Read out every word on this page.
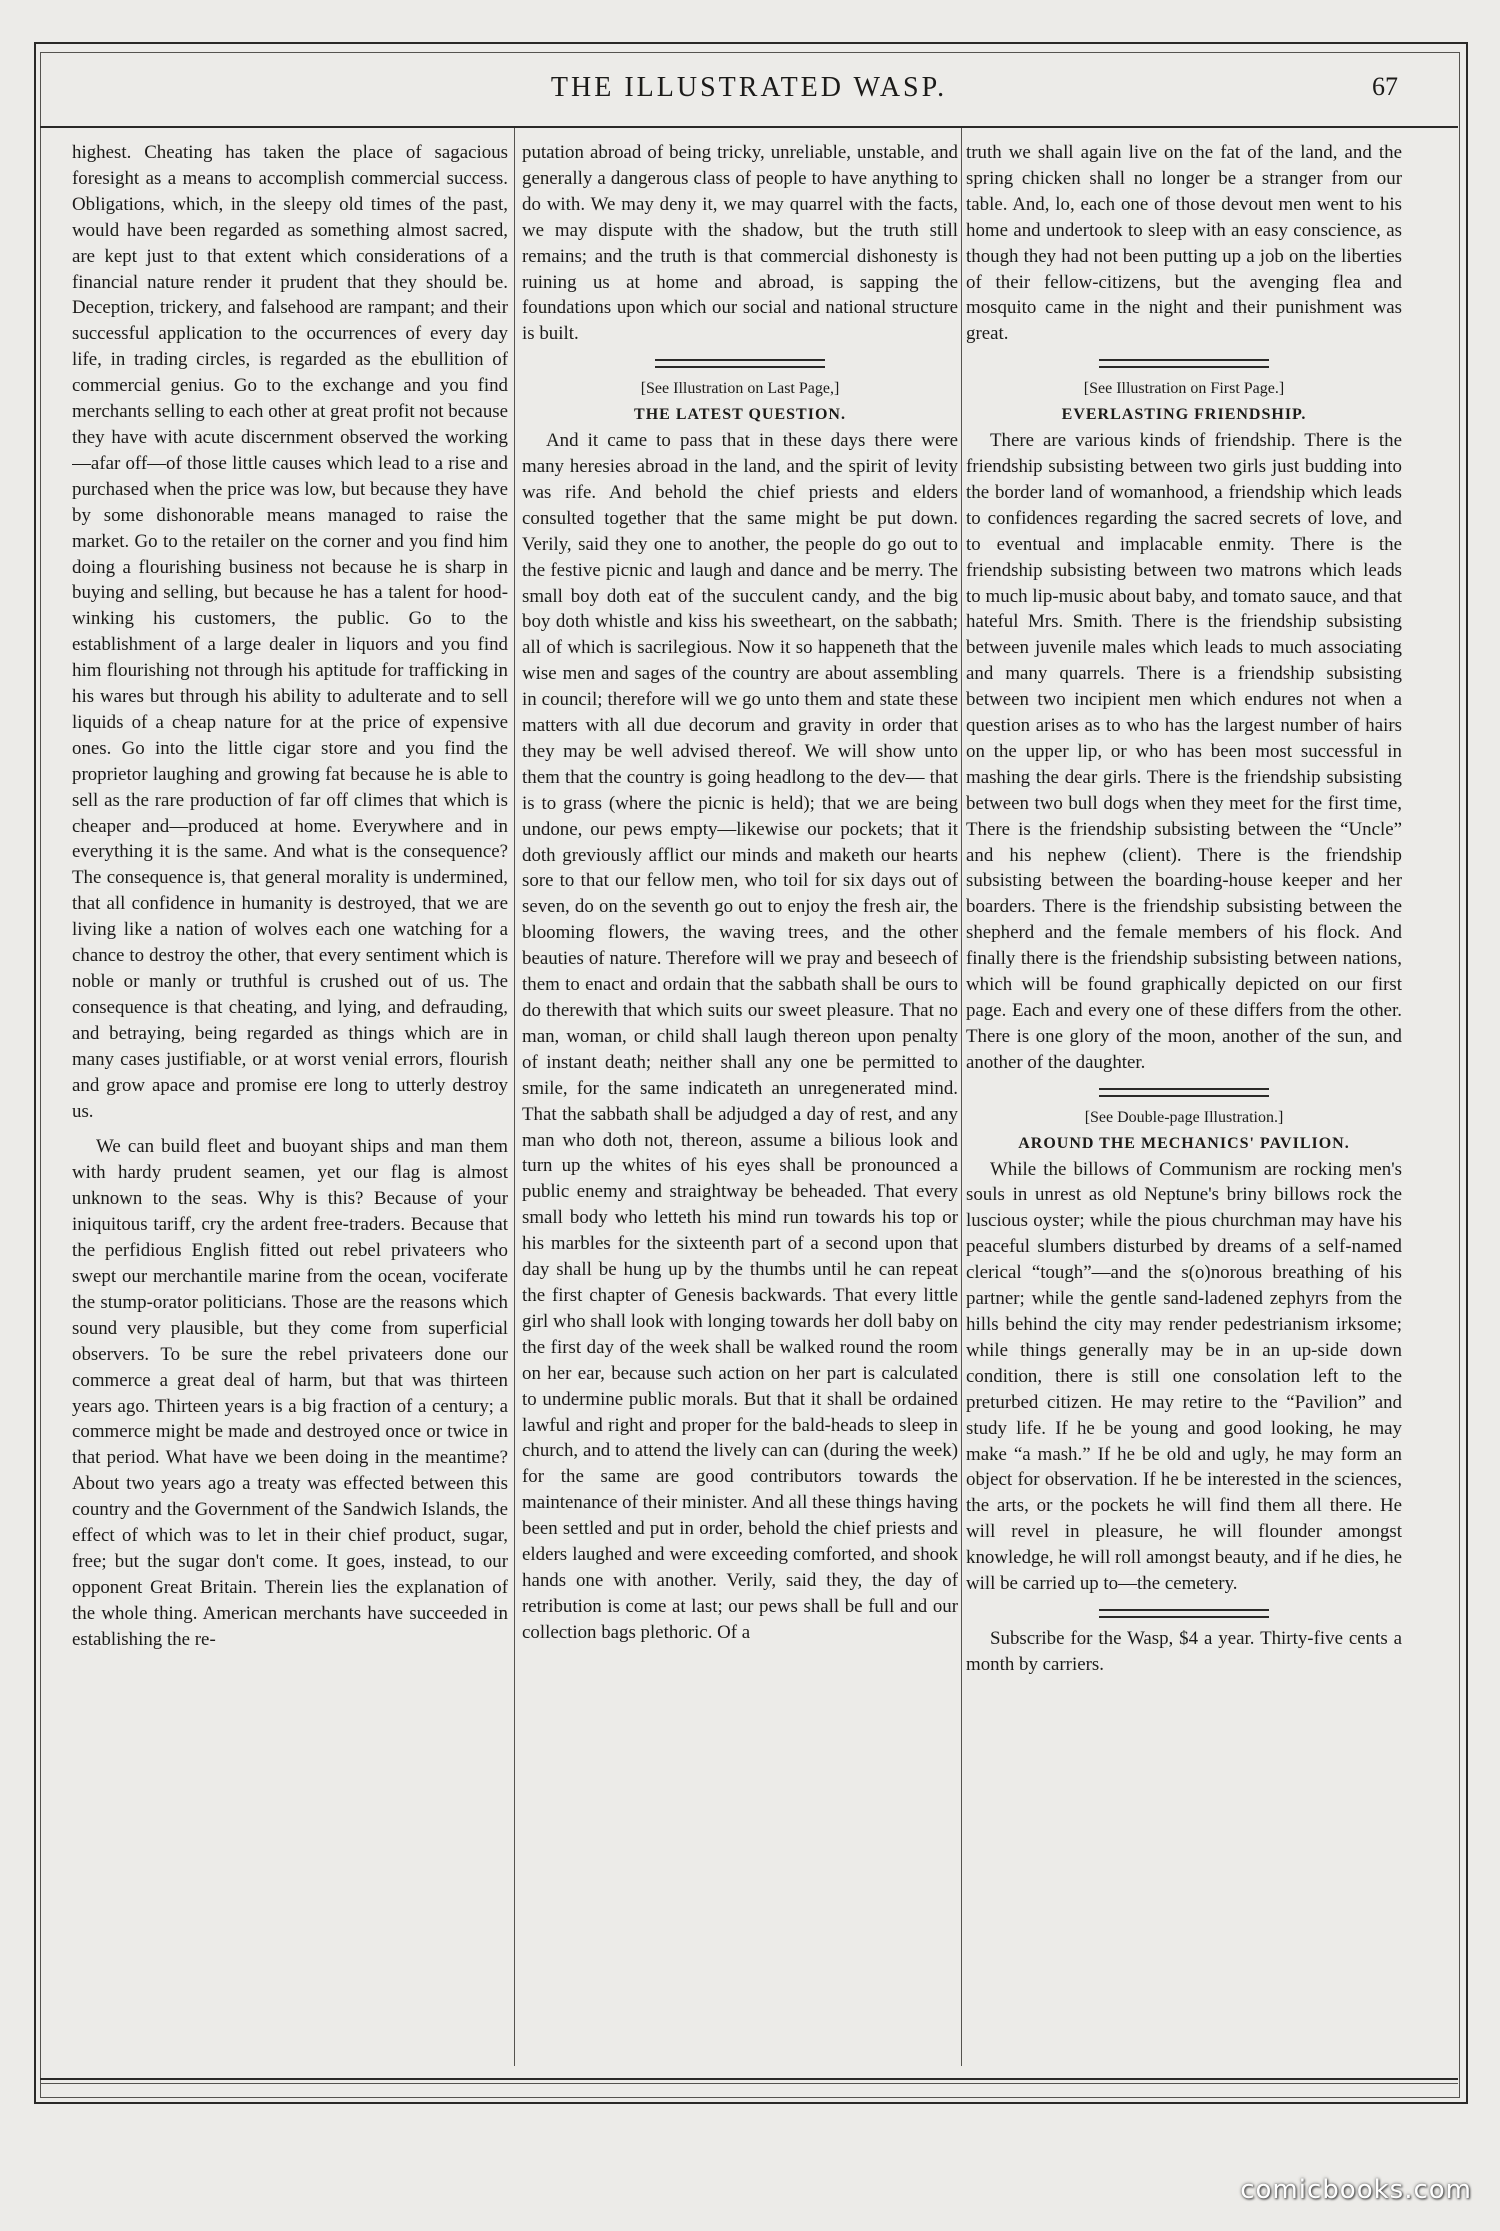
THE ILLUSTRATED WASP.	67

highest. Cheating has taken the place of sagacious foresight as a means to accomplish commercial success. Obligations, which, in the sleepy old times of the past, would have been regarded as something almost sacred, are kept just to that extent which considerations of a financial nature render it prudent that they should be. Deception, trickery, and falsehood are rampant; and their successful application to the occurrences of every day life, in trading circles, is regarded as the ebullition of commercial genius. Go to the exchange and you find merchants selling to each other at great profit not because they have with acute discernment observed the working—afar off—of those little causes which lead to a rise and purchased when the price was low, but because they have by some dishonorable means managed to raise the market. Go to the retailer on the corner and you find him doing a flourishing business not because he is sharp in buying and selling, but because he has a talent for hood-winking his customers, the public. Go to the establishment of a large dealer in liquors and you find him flourishing not through his aptitude for trafficking in his wares but through his ability to adulterate and to sell liquids of a cheap nature for at the price of expensive ones. Go into the little cigar store and you find the proprietor laughing and growing fat because he is able to sell as the rare production of far off climes that which is cheaper and—produced at home. Everywhere and in everything it is the same. And what is the consequence? The consequence is, that general morality is undermined, that all confidence in humanity is destroyed, that we are living like a nation of wolves each one watching for a chance to destroy the other, that every sentiment which is noble or manly or truthful is crushed out of us. The consequence is that cheating, and lying, and defrauding, and betraying, being regarded as things which are in many cases justifiable, or at worst venial errors, flourish and grow apace and promise ere long to utterly destroy us.

We can build fleet and buoyant ships and man them with hardy prudent seamen, yet our flag is almost unknown to the seas. Why is this? Because of your iniquitous tariff, cry the ardent free-traders. Because that the perfidious English fitted out rebel privateers who swept our merchantile marine from the ocean, vociferate the stump-orator politicians. Those are the reasons which sound very plausible, but they come from superficial observers. To be sure the rebel privateers done our commerce a great deal of harm, but that was thirteen years ago. Thirteen years is a big fraction of a century; a commerce might be made and destroyed once or twice in that period. What have we been doing in the meantime? About two years ago a treaty was effected between this country and the Government of the Sandwich Islands, the effect of which was to let in their chief product, sugar, free; but the sugar don't come. It goes, instead, to our opponent Great Britain. Therein lies the explanation of the whole thing. American merchants have succeeded in establishing the re-

putation abroad of being tricky, unreliable, unstable, and generally a dangerous class of people to have anything to do with. We may deny it, we may quarrel with the facts, we may dispute with the shadow, but the truth still remains; and the truth is that commercial dishonesty is ruining us at home and abroad, is sapping the foundations upon which our social and national structure is built.

[See Illustration on Last Page,]

THE LATEST QUESTION.

And it came to pass that in these days there were many heresies abroad in the land, and the spirit of levity was rife. And behold the chief priests and elders consulted together that the same might be put down. Verily, said they one to another, the people do go out to the festive picnic and laugh and dance and be merry. The small boy doth eat of the succulent candy, and the big boy doth whistle and kiss his sweetheart, on the sabbath; all of which is sacrilegious. Now it so happeneth that the wise men and sages of the country are about assembling in council; therefore will we go unto them and state these matters with all due decorum and gravity in order that they may be well advised thereof. We will show unto them that the country is going headlong to the dev— that is to grass (where the picnic is held); that we are being undone, our pews empty—likewise our pockets; that it doth greviously afflict our minds and maketh our hearts sore to that our fellow men, who toil for six days out of seven, do on the seventh go out to enjoy the fresh air, the blooming flowers, the waving trees, and the other beauties of nature. Therefore will we pray and beseech of them to enact and ordain that the sabbath shall be ours to do therewith that which suits our sweet pleasure. That no man, woman, or child shall laugh thereon upon penalty of instant death; neither shall any one be permitted to smile, for the same indicateth an unregenerated mind. That the sabbath shall be adjudged a day of rest, and any man who doth not, thereon, assume a bilious look and turn up the whites of his eyes shall be pronounced a public enemy and straightway be beheaded. That every small body who letteth his mind run towards his top or his marbles for the sixteenth part of a second upon that day shall be hung up by the thumbs until he can repeat the first chapter of Genesis backwards. That every little girl who shall look with longing towards her doll baby on the first day of the week shall be walked round the room on her ear, because such action on her part is calculated to undermine public morals. But that it shall be ordained lawful and right and proper for the bald-heads to sleep in church, and to attend the lively can can (during the week) for the same are good contributors towards the maintenance of their minister. And all these things having been settled and put in order, behold the chief priests and elders laughed and were exceeding comforted, and shook hands one with another. Verily, said they, the day of retribution is come at last; our pews shall be full and our collection bags plethoric. Of a

truth we shall again live on the fat of the land, and the spring chicken shall no longer be a stranger from our table. And, lo, each one of those devout men went to his home and undertook to sleep with an easy conscience, as though they had not been putting up a job on the liberties of their fellow-citizens, but the avenging flea and mosquito came in the night and their punishment was great.

[See Illustration on First Page.]

EVERLASTING FRIENDSHIP.

There are various kinds of friendship. There is the friendship subsisting between two girls just budding into the border land of womanhood, a friendship which leads to confidences regarding the sacred secrets of love, and to eventual and implacable enmity. There is the friendship subsisting between two matrons which leads to much lip-music about baby, and tomato sauce, and that hateful Mrs. Smith. There is the friendship subsisting between juvenile males which leads to much associating and many quarrels. There is a friendship subsisting between two incipient men which endures not when a question arises as to who has the largest number of hairs on the upper lip, or who has been most successful in mashing the dear girls. There is the friendship subsisting between two bull dogs when they meet for the first time, There is the friendship subsisting between the “Uncle” and his nephew (client). There is the friendship subsisting between the boarding-house keeper and her boarders. There is the friendship subsisting between the shepherd and the female members of his flock. And finally there is the friendship subsisting between nations, which will be found graphically depicted on our first page. Each and every one of these differs from the other. There is one glory of the moon, another of the sun, and another of the daughter.

[See Double-page Illustration.]

AROUND THE MECHANICS' PAVILION.

While the billows of Communism are rocking men's souls in unrest as old Neptune's briny billows rock the luscious oyster; while the pious churchman may have his peaceful slumbers disturbed by dreams of a self-named clerical “tough”—and the s(o)norous breathing of his partner; while the gentle sand-ladened zephyrs from the hills behind the city may render pedestrianism irksome; while things generally may be in an up-side down condition, there is still one consolation left to the preturbed citizen. He may retire to the “Pavilion” and study life. If he be young and good looking, he may make “a mash.” If he be old and ugly, he may form an object for observation. If he be interested in the sciences, the arts, or the pockets he will find them all there. He will revel in pleasure, he will flounder amongst knowledge, he will roll amongst beauty, and if he dies, he will be carried up to—the cemetery.

Subscribe for the Wasp, $4 a year. Thirty-five cents a month by carriers.

comicbooks.com
